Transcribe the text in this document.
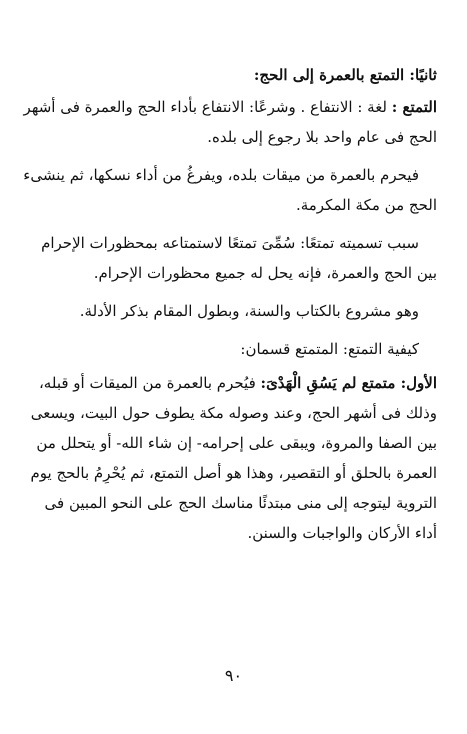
ثانيًا: التمتع بالعمرة إلى الحج:

التمتع : لغة : الانتفاع . وشرعًا: الانتفاع بأداء الحج والعمرة فى أشهر الحج فى عام واحد بلا رجوع إلى بلده.

فيحرم بالعمرة من ميقات بلده، ويفرغُ من أداء نسكها، ثم ينشىء الحج من مكة المكرمة.

سبب تسميته تمتعًا: سُمِّىَ تمتعًا لاستمتاعه بمحظورات الإحرام بين الحج والعمرة، فإنه يحل له جميع محظورات الإحرام.

وهو مشروع بالكتاب والسنة، وبطول المقام بذكر الأدلة.

كيفية التمتع: المتمتع قسمان:

الأول: متمتع لم يَسُقِ الْهَدْىَ: فيُحرم بالعمرة من الميقات أو قبله، وذلك فى أشهر الحج، وعند وصوله مكة يطوف حول البيت، ويسعى بين الصفا والمروة، ويبقى على إحرامه- إن شاء الله- أو يتحلل من العمرة بالحلق أو التقصير، وهذا هو أصل التمتع، ثم يُحْرِمُ بالحج يوم التروية ليتوجه إلى منى مبتدئًا مناسك الحج على النحو المبين فى أداء الأركان والواجبات والسنن.

٩٠
